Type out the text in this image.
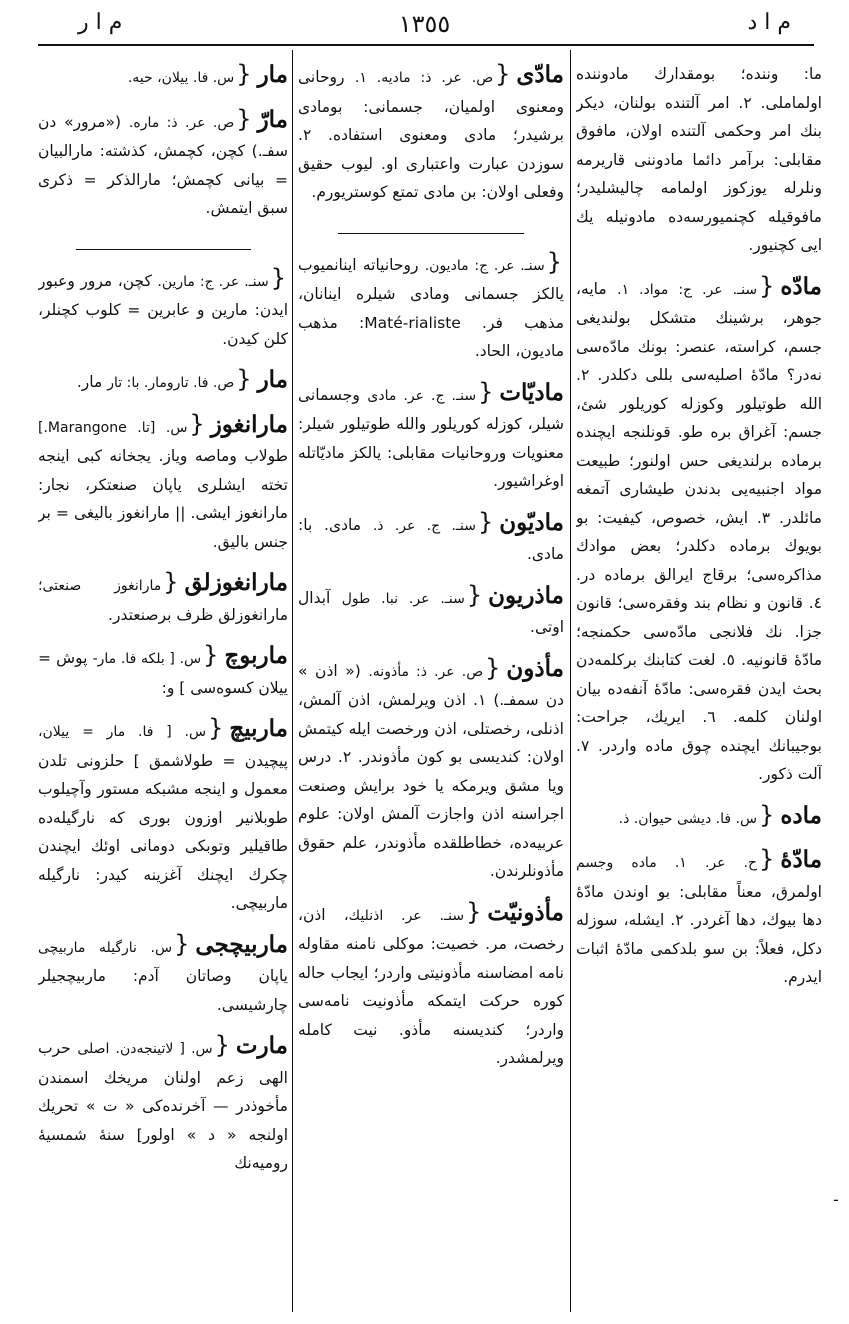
م ا د
١٣٥٥
م ا ر

ما: وننده؛ بومقدارك مادوننده اولماملى. ٢. امر آلتنده بولنان، ديكر بنك امر وحكمى آلتنده اولان، مافوق مقابلى: برآمر دائما مادوننى قاريرمه ونلرله يوزكوز اولمامه چاليشليدر؛ مافوقيله كچنميورسه‌ده مادونيله يك ايى كچنيور.

مادّه{سنـ. عر. ج: مواد. ١. مايه، جوهر، برشينك متشكل بولنديغى جسم، كراسته، عنصر: بونك مادّه‌سى نه‌در؟ مادّهٔ اصليه‌سى بللى دكلدر. ٢. الله طوتيلور وكوزله كوريلور شئ، جسم: آغراق بره طو. قونلنجه ايچنده برماده برلنديغى حس اولنور؛ طبيعت مواد اجنبيه‌يى بدندن طيشارى آتمغه مائلدر. ٣. ايش، خصوص، كيفيت: بو بويوك برماده دكلدر؛ بعض موادك مذاكره‌سى؛ برقاج ايرالق برماده در. ٤. قانون و نظام بند وفقره‌سى؛ قانون جزا. نك فلانجى مادّه‌سى حكمنجه؛ مادّهٔ قانونيه. ٥. لغت كتابنك بركلمه‌دن بحث ايدن فقره‌سى: مادّهٔ آنفه‌ده بيان اولنان كلمه. ٦. ايريك، جراحت: بوجيبانك ايچنده چوق ماده واردر. ٧. آلت ذكور.

ماده{س. فا. ديشى حيوان. ذ.

مادّهٔ{ح. عر. ١. ماده وجسم اولمرق، معناً مقابلى: بو اوندن مادّهٔ دها بيوك، دها آغردر. ٢. ايشله، سوزله دكل، فعلاً: بن سو بلدكمى مادّهٔ اثبات ايدرم.

مادّى{ص. عر. ذ: ماديه. ١. روحانى ومعنوى اولميان، جسمانى: بومادى برشيدر؛ مادى ومعنوى استفاده. ٢. سوزدن عبارت واعتبارى او. ليوب حقيق وفعلى اولان: بن مادى تمتع كوستريورم.

{سنـ. عر. ج: ماديون. روحانياته اينانميوب يالكز جسمانى ومادى شيلره اينانان، مذهب فر. Maté-rialiste: مذهب ماديون، الحاد.

ماديّات{سنـ. ج. عر. مادى وجسمانى شيلر، كوزله كوريلور والله طوتيلور شيلر: معنويات وروحانيات مقابلى: يالكز ماديّاتله اوغراشيور.

ماديّون{سنـ. ج. عر. ذ. مادى. با: مادى.

ماذريون{سنـ. عر. نبا. طول آبدال اوتى.

مأذون{ص. عر. ذ: مأذونه. (« اذن » دن سمفـ.) ١. اذن ويرلمش، اذن آلمش، اذنلى، رخصتلى، اذن ورخصت ايله كيتمش اولان: كنديسى بو كون مأذوندر. ٢. درس ويا مشق ويرمكه يا خود برايش وصنعت اجراسنه اذن واجازت آلمش اولان: علوم عربيه‌ده، خطاطلقده مأذوندر، علم حقوق مأذونلرندن.

مأذونيّت{سنـ. عر. اذنليك، اذن، رخصت، مر. خصيت: موكلى نامنه مقاوله نامه امضاسنه مأذونيتى واردر؛ ايجاب حاله كوره حركت ايتمكه مأذونيت نامه‌سى واردر؛ كنديسنه مأذو. نيت كامله ويرلمشدر.

مار{س. فا. ييلان، حيه.

مارّ{ص. عر. ذ: ماره. («مرور» دن سفـ.) كچن، كچمش، كذشته: مارالبيان = بيانى كچمش؛ مارالذكر = ذكرى سبق ايتمش.

{سنـ. عر. ج: مارين. كچن، مرور وعبور ايدن: مارين و عابرين = كلوب كچنلر، كلن كيدن.

مار{ص. فا. تارومار. با: تار مار.

مارانغوز{س. [تا. Marangone.] طولاب وماصه وياز. يجخانه كبى اينجه تخته ايشلرى ياپان صنعتكر، نجار: مارانغوز ايشى. || مارانغوز باليغى = بر جنس باليق.

مارانغوزلق{مارانغوز صنعتى؛ مارانغوزلق ظرف برصنعتدر.

ماربوچ{س. [ بلكه فا. مار- پوش = ييلان كسوه‌سى ] و:

ماربيچ{س. [ فا. مار = ييلان، پيچيدن = طولاشمق ] حلزونى تلدن معمول و اينجه مشبكه مستور وآچيلوب طوبلانير اوزون بورى كه نارگيله‌ده طاقيلير وتوبكى دومانى اوئك ايچندن چكرك ايچنك آغزينه كيدر: نارگيله ماربيچى.

ماربيچجى{س. نارگيله ماربيچى ياپان وصاتان آدم: ماربيچجيلر چارشيسى.

مارت{س. [ لاتينجه‌دن. اصلى حرب الهى زعم اولنان مريخك اسمندن مأخوذدر — آخرنده‌كى « ت » تحريك اولنجه « د » اولور] سنهٔ شمسيهٔ روميه‌نك

-
